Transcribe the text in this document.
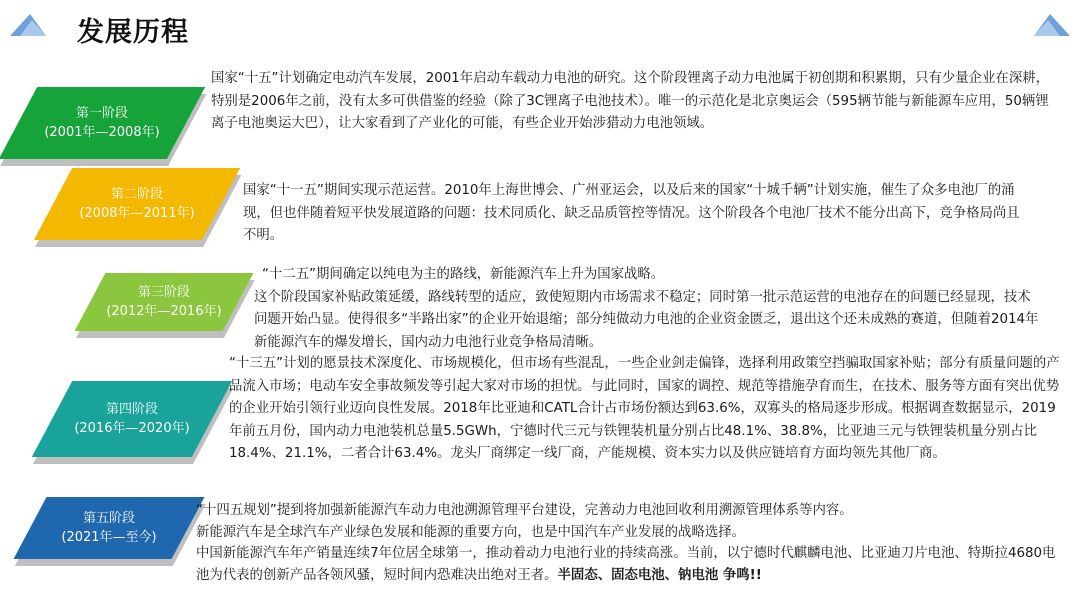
发展历程
第一阶段
(2001年—2008年)

国家“十五”计划确定电动汽车发展，2001年启动车载动力电池的研究。这个阶段锂离子动力电池属于初创期和积累期，只有少量企业在深耕，特别是2006年之前，没有太多可供借鉴的经验（除了3C锂离子电池技术）。唯一的示范化是北京奥运会（595辆节能与新能源车应用，50辆锂离子电池奥运大巴），让大家看到了产业化的可能，有些企业开始涉猎动力电池领域。

第二阶段
(2008年—2011年)

国家“十一五”期间实现示范运营。2010年上海世博会、广州亚运会，以及后来的国家“十城千辆”计划实施，催生了众多电池厂的涌现，但也伴随着短平快发展道路的问题：技术同质化、缺乏品质管控等情况。这个阶段各个电池厂技术不能分出高下，竞争格局尚且不明。

第三阶段
(2012年—2016年)

“十二五”期间确定以纯电为主的路线，新能源汽车上升为国家战略。

这个阶段国家补贴政策延缓，路线转型的适应，致使短期内市场需求不稳定；同时第一批示范运营的电池存在的问题已经显现，技术问题开始凸显。使得很多“半路出家”的企业开始退缩；部分纯做动力电池的企业资金匮乏，退出这个还未成熟的赛道，但随着2014年新能源汽车的爆发增长，国内动力电池行业竞争格局清晰。

第四阶段
(2016年—2020年)

“十三五”计划的愿景技术深度化、市场规模化，但市场有些混乱，一些企业剑走偏锋，选择利用政策空挡骗取国家补贴；部分有质量问题的产品流入市场；电动车安全事故频发等引起大家对市场的担忧。与此同时，国家的调控、规范等措施孕育而生，在技术、服务等方面有突出优势的企业开始引领行业迈向良性发展。2018年比亚迪和CATL合计占市场份额达到63.6%，双寡头的格局逐步形成。根据调查数据显示，2019年前五月份，国内动力电池装机总量5.5GWh，宁德时代三元与铁锂装机量分别占比48.1%、38.8%，比亚迪三元与铁锂装机量分别占比18.4%、21.1%，二者合计63.4%。龙头厂商绑定一线厂商，产能规模、资本实力以及供应链培育方面均领先其他厂商。

第五阶段
(2021年—至今)

“十四五规划”提到将加强新能源汽车动力电池溯源管理平台建设，完善动力电池回收利用溯源管理体系等内容。

新能源汽车是全球汽车产业绿色发展和能源的重要方向，也是中国汽车产业发展的战略选择。

中国新能源汽车年产销量连续7年位居全球第一，推动着动力电池行业的持续高涨。当前，以宁德时代麒麟电池、比亚迪刀片电池、特斯拉4680电池为代表的创新产品各领风骚，短时间内恐难决出绝对王者。半固态、固态电池、钠电池 争鸣!!
